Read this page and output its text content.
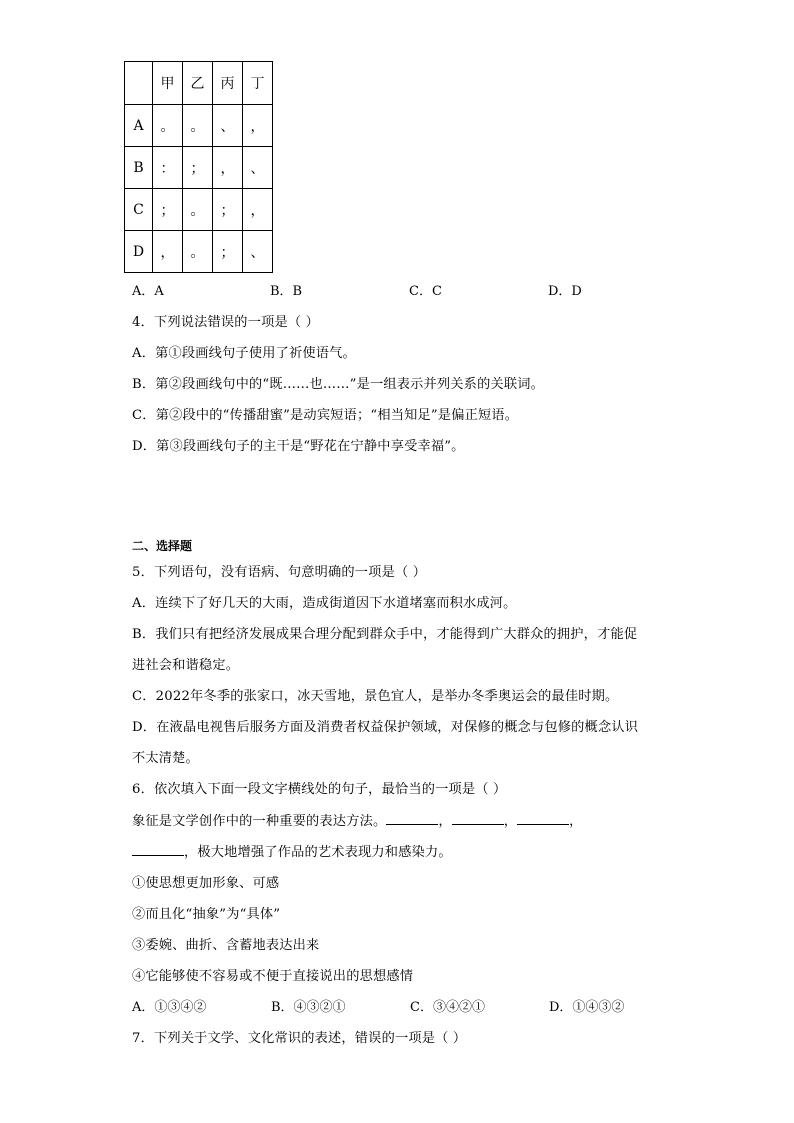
	甲	乙	丙	丁
A	。	。	、	，
B	：	；	，	、
C	；	。	；	，
D	，	。	；	、
A．A	B．B	C．C	D．D
4．下列说法错误的一项是（ ）
A．第①段画线句子使用了祈使语气。
B．第②段画线句中的“既……也……”是一组表示并列关系的关联词。
C．第②段中的“传播甜蜜”是动宾短语；“相当知足”是偏正短语。
D．第③段画线句子的主干是“野花在宁静中享受幸福”。
二、选择题
5．下列语句，没有语病、句意明确的一项是（ ）
A．连续下了好几天的大雨，造成街道因下水道堵塞而积水成河。
B．我们只有把经济发展成果合理分配到群众手中，才能得到广大群众的拥护，才能促
进社会和谐稳定。
C．2022年冬季的张家口，冰天雪地，景色宜人，是举办冬季奥运会的最佳时期。
D．在液晶电视售后服务方面及消费者权益保护领域，对保修的概念与包修的概念认识
不太清楚。
6．依次填入下面一段文字横线处的句子，最恰当的一项是（ ）
象征是文学创作中的一种重要的表达方法。	，	，	，
，极大地增强了作品的艺术表现力和感染力。
①使思想更加形象、可感
②而且化“抽象”为“具体”
③委婉、曲折、含蓄地表达出来
④它能够使不容易或不便于直接说出的思想感情
A．①③④②	B．④③②①	C．③④②①	D．①④③②
7．下列关于文学、文化常识的表述，错误的一项是（ ）
